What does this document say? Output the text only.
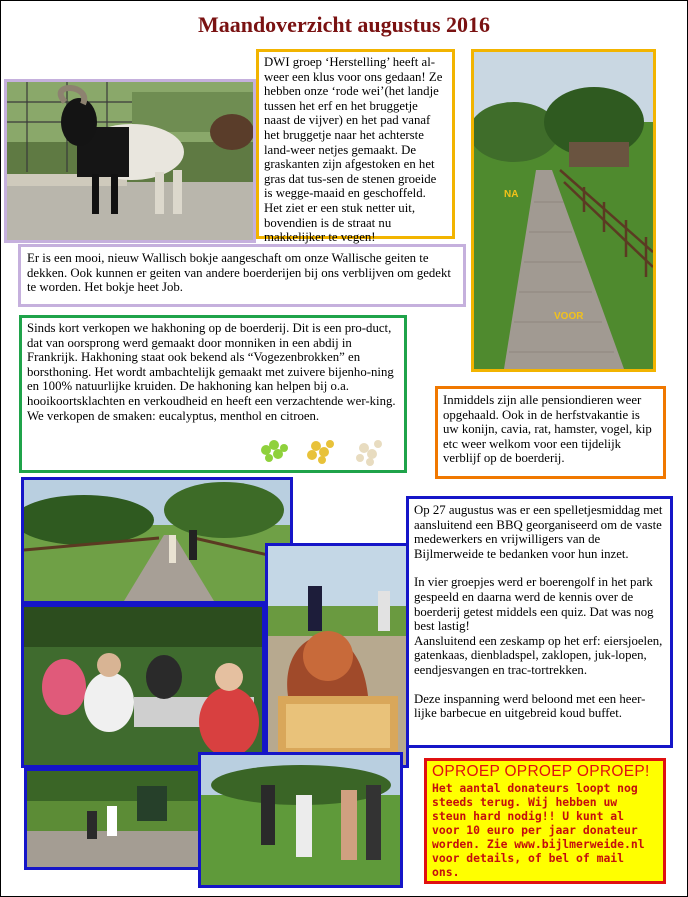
Maandoverzicht augustus 2016

DWI groep ‘Herstelling’ heeft al-weer een klus voor ons gedaan! Ze hebben onze ‘rode wei’(het landje tussen het erf en het bruggetje naast de vijver) en het pad vanaf het bruggetje naar het achterste land-weer netjes gemaakt. De graskanten zijn afgestoken en het gras dat tus-sen de stenen groeide is wegge-maaid en geschoffeld. Het ziet er een stuk netter uit, bovendien is de straat nu makkelijker te vegen!

NA
VOOR

Er is een mooi, nieuw Wallisch bokje aangeschaft om onze Wallische geiten te dekken. Ook kunnen er geiten van andere boerderijen bij ons verblijven om gedekt te worden. Het bokje heet Job.

Sinds kort verkopen we hakhoning op de boerderij. Dit is een pro-duct, dat van oorsprong werd gemaakt door monniken in een abdij in Frankrijk. Hakhoning staat ook bekend als “Vogezenbrokken” en borsthoning. Het wordt ambachtelijk gemaakt met zuivere bijenho-ning en 100% natuurlijke kruiden. De hakhoning kan helpen bij o.a. hooikoortsklachten en verkoudheid en heeft een verzachtende wer-king. We verkopen de smaken: eucalyptus, menthol en citroen.

Inmiddels zijn alle pensiondieren weer opgehaald. Ook in de herfstvakantie is uw konijn, cavia, rat, hamster, vogel, kip etc weer welkom voor een tijdelijk verblijf op de boerderij.

Op 27 augustus was er een spelletjesmiddag met aansluitend een BBQ georganiseerd om de vaste medewerkers en vrijwilligers van de Bijlmerweide te bedanken voor hun inzet.

In vier groepjes werd er boerengolf in het park gespeeld en daarna werd de kennis over de boerderij getest middels een quiz. Dat was nog best lastig!

Aansluitend een zeskamp op het erf: eiersjoelen, gatenkaas, dienbladspel, zaklopen, juk-lopen, eendjesvangen en trac-tortrekken.

Deze inspanning werd beloond met een heer-lijke barbecue en uitgebreid koud buffet.

OPROEP OPROEP OPROEP!
Het aantal donateurs loopt nog steeds terug. Wij hebben uw steun hard nodig!! U kunt al voor 10 euro per jaar donateur worden. Zie www.bijlmerweide.nl voor details, of bel of mail ons.
